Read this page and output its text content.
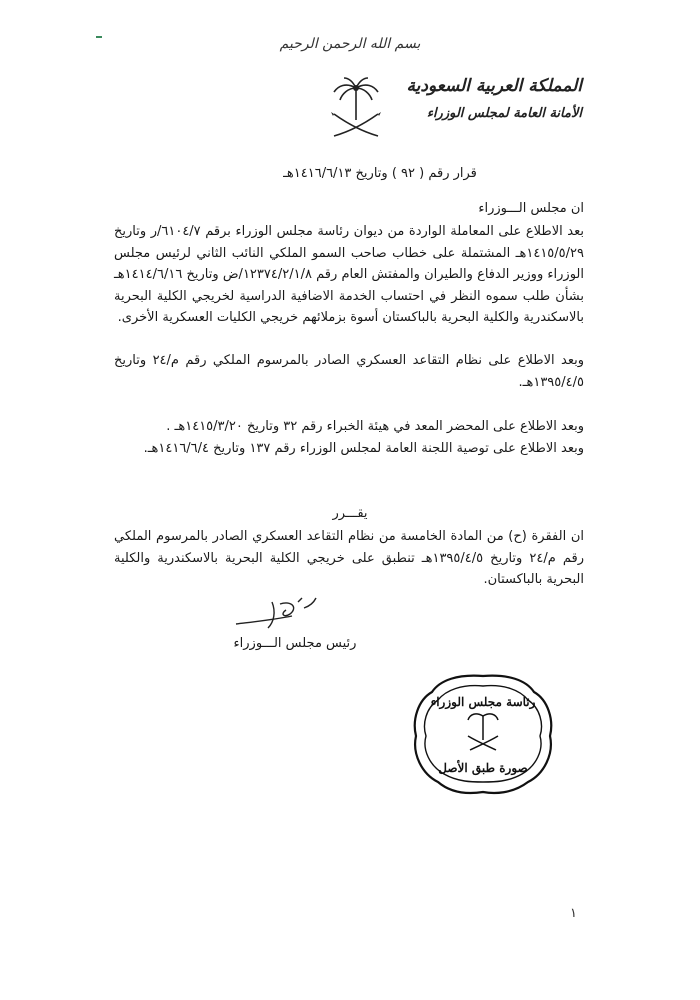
بسم الله الرحمن الرحيم
المملكة العربية السعودية
الأمانة العامة لمجلس الوزراء
قرار رقم ( ٩٢ ) وتاريخ ١٤١٦/٦/١٣هـ

ان مجلس الـــوزراء

بعد الاطلاع على المعاملة الواردة من ديوان رئاسة مجلس الوزراء برقم ٦١٠٤/٧/ر وتاريخ ١٤١٥/٥/٢٩هـ المشتملة على خطاب صاحب السمو الملكي النائب الثاني لرئيس مجلس الوزراء ووزير الدفاع والطيران والمفتش العام رقم ١٢٣٧٤/٢/١/٨/ض وتاريخ ١٤١٤/٦/١٦هـ بشأن طلب سموه النظر في احتساب الخدمة الاضافية الدراسية لخريجي الكلية البحرية بالاسكندرية والكلية البحرية بالباكستان أسوة بزملائهم خريجي الكليات العسكرية الأخرى.

وبعد الاطلاع على نظام التقاعد العسكري الصادر بالمرسوم الملكي رقم م/٢٤ وتاريخ ١٣٩٥/٤/٥هـ.

وبعد الاطلاع على المحضر المعد في هيئة الخبراء رقم ٣٢ وتاريخ ١٤١٥/٣/٢٠هـ .

وبعد الاطلاع على توصية اللجنة العامة لمجلس الوزراء رقم ١٣٧ وتاريخ ١٤١٦/٦/٤هـ.

يقـــرر

ان الفقرة (ح) من المادة الخامسة من نظام التقاعد العسكري الصادر بالمرسوم الملكي رقم م/٢٤ وتاريخ ١٣٩٥/٤/٥هـ تنطبق على خريجي الكلية البحرية بالاسكندرية والكلية البحرية بالباكستان.

رئيس مجلس الـــوزراء
رئاسة مجلس الوزراء
صورة طبق الأصل
١
